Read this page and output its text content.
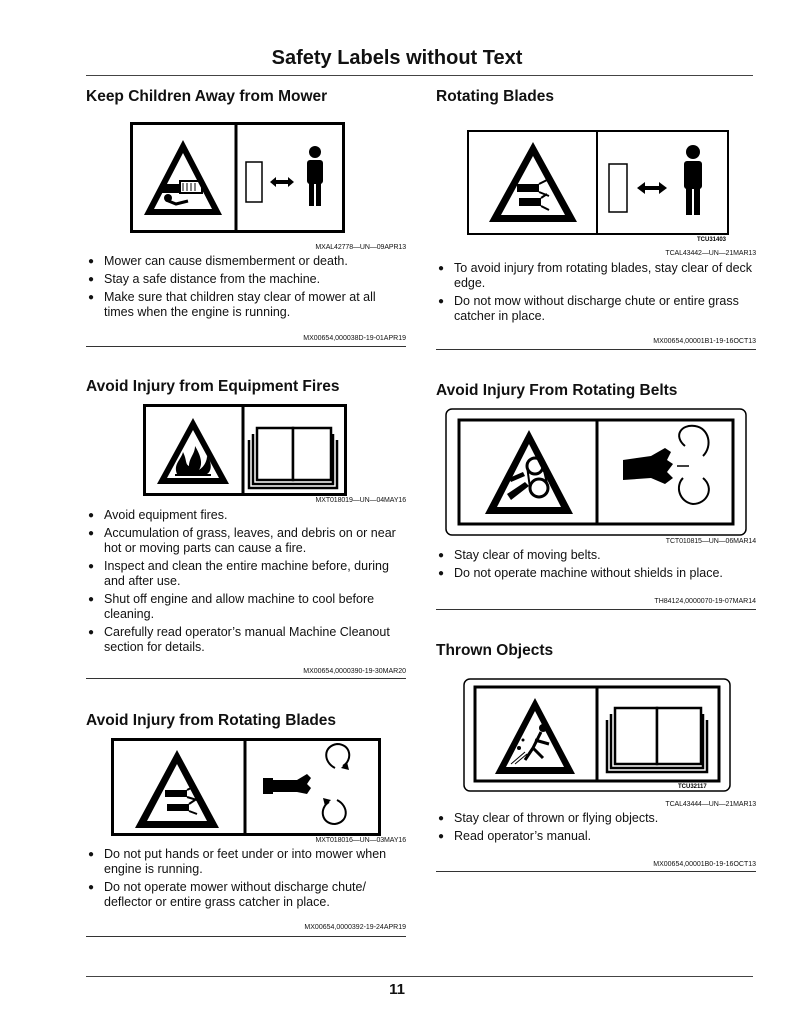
Safety Labels without Text
Keep Children Away from Mower
MXAL42778—UN—09APR13
● Mower can cause dismemberment or death.
● Stay a safe distance from the machine.
● Make sure that children stay clear of mower at all times when the engine is running.
MX00654,000038D-19-01APR19
Avoid Injury from Equipment Fires
MXT018019—UN—04MAY16
● Avoid equipment fires.
● Accumulation of grass, leaves, and debris on or near hot or moving parts can cause a fire.
● Inspect and clean the entire machine before, during and after use.
● Shut off engine and allow machine to cool before cleaning.
● Carefully read operator’s manual Machine Cleanout section for details.
MX00654,0000390-19-30MAR20
Avoid Injury from Rotating Blades
MXT018016—UN—03MAY16
● Do not put hands or feet under or into mower when engine is running.
● Do not operate mower without discharge chute/ deflector or entire grass catcher in place.
MX00654,0000392-19-24APR19
Rotating Blades
TCU31403
TCAL43442—UN—21MAR13
● To avoid injury from rotating blades, stay clear of deck edge.
● Do not mow without discharge chute or entire grass catcher in place.
MX00654,00001B1-19-16OCT13
Avoid Injury From Rotating Belts
TCT010815—UN—06MAR14
● Stay clear of moving belts.
● Do not operate machine without shields in place.
TH84124,0000070-19-07MAR14
Thrown Objects
TCU32117
TCAL43444—UN—21MAR13
● Stay clear of thrown or flying objects.
● Read operator’s manual.
MX00654,00001B0-19-16OCT13
11
